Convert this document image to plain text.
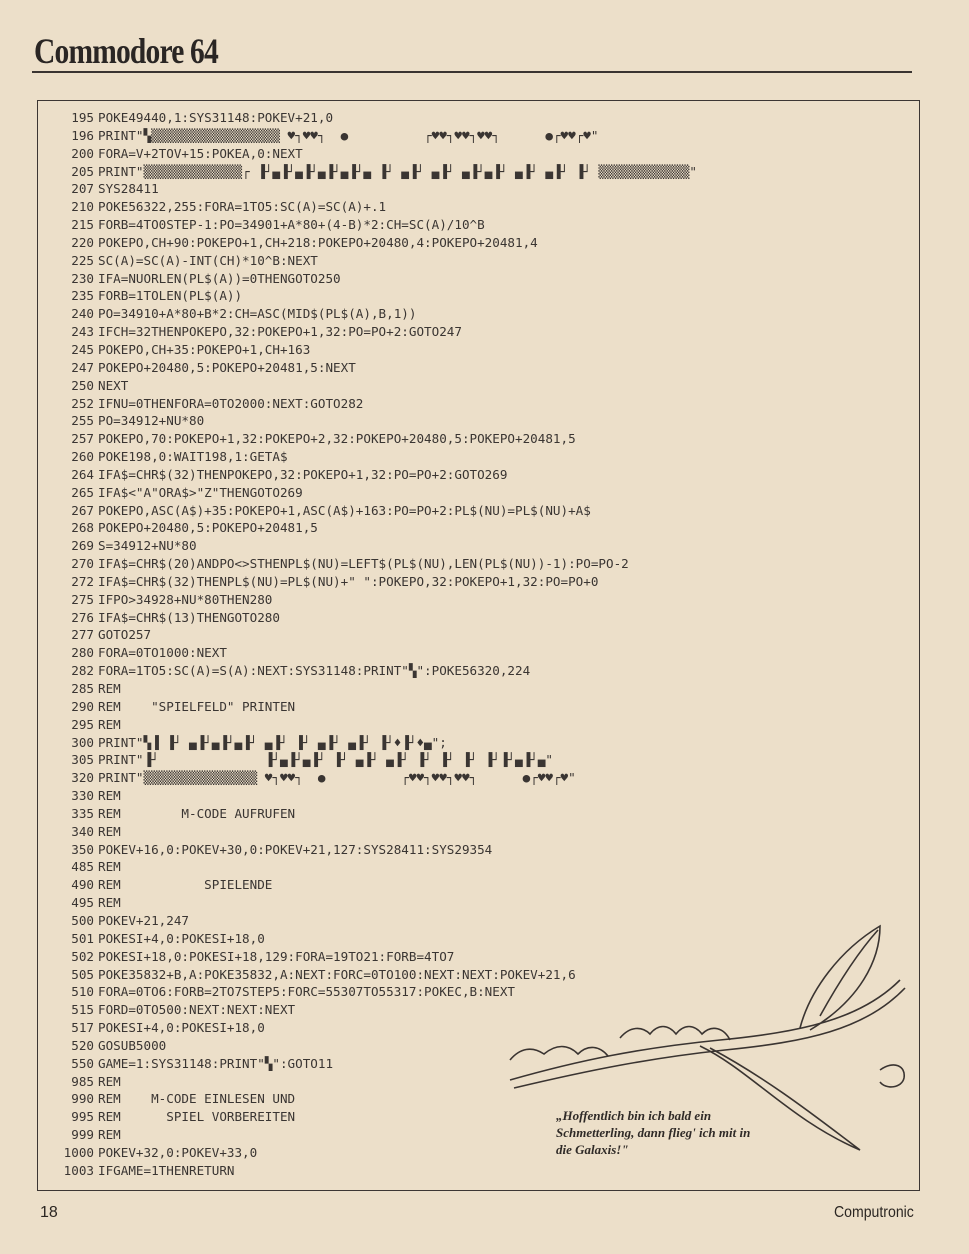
Commodore 64
195 POKE49440,1:SYS31148:POKEV+21,0
196 PRINT"▚▒▒▒▒▒▒▒▒▒▒▒▒▒▒▒▒▒ ♥┐♥♥┐  ●          ┌♥♥┐♥♥┐♥♥┐      ●┌♥♥┌♥"
200 FORA=V+2TOV+15:POKEA,0:NEXT
205 PRINT"▒▒▒▒▒▒▒▒▒▒▒▒▒┌ ▐┘▄▐┘▄▐┘▄▐┘▄▐┘▄ ▐┘ ▄▐┘ ▄▐┘ ▄▐┘▄▐┘ ▄▐┘ ▄▐┘ ▐┘ ▒▒▒▒▒▒▒▒▒▒▒▒"
207 SYS28411
210 POKE56322,255:FORA=1TO5:SC(A)=SC(A)+.1
215 FORB=4TO0STEP-1:PO=34901+A*80+(4-B)*2:CH=SC(A)/10^B
220 POKEPO,CH+90:POKEPO+1,CH+218:POKEPO+20480,4:POKEPO+20481,4
225 SC(A)=SC(A)-INT(CH)*10^B:NEXT
230 IFA=NUORLEN(PL$(A))=0THENGOTO250
235 FORB=1TOLEN(PL$(A))
240 PO=34910+A*80+B*2:CH=ASC(MID$(PL$(A),B,1))
243 IFCH=32THENPOKEPO,32:POKEPO+1,32:PO=PO+2:GOTO247
245 POKEPO,CH+35:POKEPO+1,CH+163
247 POKEPO+20480,5:POKEPO+20481,5:NEXT
250 NEXT
252 IFNU=0THENFORA=0TO2000:NEXT:GOTO282
255 PO=34912+NU*80
257 POKEPO,70:POKEPO+1,32:POKEPO+2,32:POKEPO+20480,5:POKEPO+20481,5
260 POKE198,0:WAIT198,1:GETA$
264 IFA$=CHR$(32)THENPOKEPO,32:POKEPO+1,32:PO=PO+2:GOTO269
265 IFA$<"A"ORA$>"Z"THENGOTO269
267 POKEPO,ASC(A$)+35:POKEPO+1,ASC(A$)+163:PO=PO+2:PL$(NU)=PL$(NU)+A$
268 POKEPO+20480,5:POKEPO+20481,5
269 S=34912+NU*80
270 IFA$=CHR$(20)ANDPO<>STHENPL$(NU)=LEFT$(PL$(NU),LEN(PL$(NU))-1):PO=PO-2
272 IFA$=CHR$(32)THENPL$(NU)=PL$(NU)+" ":POKEPO,32:POKEPO+1,32:PO=PO+0
275 IFPO>34928+NU*80THEN280
276 IFA$=CHR$(13)THENGOTO280
277 GOTO257
280 FORA=0TO1000:NEXT
282 FORA=1TO5:SC(A)=S(A):NEXT:SYS31148:PRINT"▚":POKE56320,224
285 REM
290 REM    "SPIELFELD" PRINTEN
295 REM
300 PRINT"▚▐ ▐┘ ▄▐┘▄▐┘▄▐┘ ▄▐┘ ▐┘ ▄▐┘ ▄▐┘ ▐┘♦▐┘♦▄";
305 PRINT"▐┘              ▐┘▄▐┘▄▐┘ ▐┘ ▄▐┘ ▄▐┘ ▐┘ ▐┘ ▐┘ ▐┘▐┘▄▐┘▄"
320 PRINT"▒▒▒▒▒▒▒▒▒▒▒▒▒▒▒ ♥┐♥♥┐  ●          ┌♥♥┐♥♥┐♥♥┐      ●┌♥♥┌♥"
330 REM
335 REM        M-CODE AUFRUFEN
340 REM
350 POKEV+16,0:POKEV+30,0:POKEV+21,127:SYS28411:SYS29354
485 REM
490 REM           SPIELENDE
495 REM
500 POKEV+21,247
501 POKESI+4,0:POKESI+18,0
502 POKESI+18,0:POKESI+18,129:FORA=19TO21:FORB=4TO7
505 POKE35832+B,A:POKE35832,A:NEXT:FORC=0TO100:NEXT:NEXT:POKEV+21,6
510 FORA=0TO6:FORB=2TO7STEP5:FORC=55307TO55317:POKEC,B:NEXT
515 FORD=0TO500:NEXT:NEXT:NEXT
517 POKESI+4,0:POKESI+18,0
520 GOSUB5000
550 GAME=1:SYS31148:PRINT"▚":GOTO11
985 REM
990 REM    M-CODE EINLESEN UND
995 REM      SPIEL VORBEREITEN
999 REM
1000 POKEV+32,0:POKEV+33,0
1003 IFGAME=1THENRETURN
„Hoffentlich bin ich bald ein Schmetterling, dann flieg' ich mit in die Galaxis!"
18	Computronic
